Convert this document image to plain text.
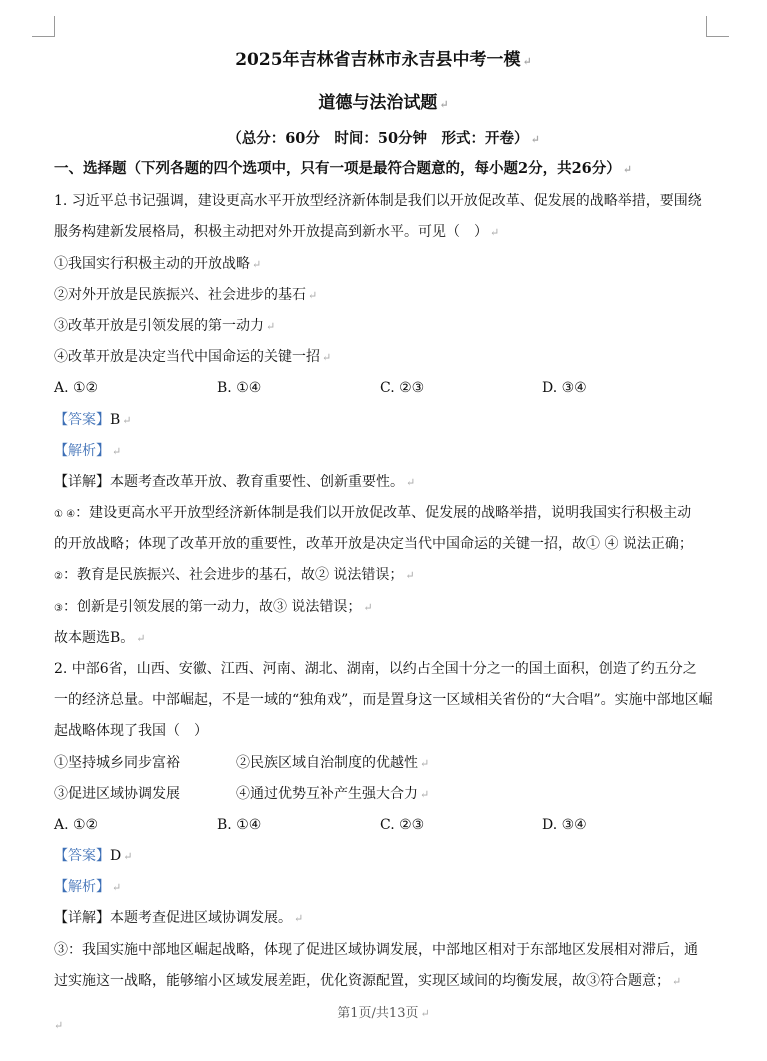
2025年吉林省吉林市永吉县中考一模 ↵
道德与法治试题 ↵
（总分：60分　时间：50分钟　形式：开卷） ↵
一、选择题（下列各题的四个选项中，只有一项是最符合题意的，每小题2分，共26分） ↵
1. 习近平总书记强调，建设更高水平开放型经济新体制是我们以开放促改革、促发展的战略举措，要围绕
服务构建新发展格局，积极主动把对外开放提高到新水平。可见（　） ↵
①我国实行积极主动的开放战略 ↵
②对外开放是民族振兴、社会进步的基石 ↵
③改革开放是引领发展的第一动力 ↵
④改革开放是决定当代中国命运的关键一招 ↵
A. ①②	B. ①④	C. ②③	D. ③④
【答案】B ↵
【解析】 ↵
【详解】本题考查改革开放、教育重要性、创新重要性。 ↵
① ④：建设更高水平开放型经济新体制是我们以开放促改革、促发展的战略举措，说明我国实行积极主动
的开放战略；体现了改革开放的重要性，改革开放是决定当代中国命运的关键一招，故① ④ 说法正确；
②：教育是民族振兴、社会进步的基石，故② 说法错误； ↵
③：创新是引领发展的第一动力，故③ 说法错误； ↵
故本题选B。 ↵
2. 中部6省，山西、安徽、江西、河南、湖北、湖南，以约占全国十分之一的国土面积，创造了约五分之
一的经济总量。中部崛起，不是一域的“独角戏”，而是置身这一区域相关省份的“大合唱”。实施中部地区崛
起战略体现了我国（　）
①坚持城乡同步富裕	②民族区域自治制度的优越性 ↵
③促进区域协调发展	④通过优势互补产生强大合力 ↵
A. ①②	B. ①④	C. ②③	D. ③④
【答案】D ↵
【解析】 ↵
【详解】本题考查促进区域协调发展。 ↵
③：我国实施中部地区崛起战略，体现了促进区域协调发展，中部地区相对于东部地区发展相对滞后，通
过实施这一战略，能够缩小区域发展差距，优化资源配置，实现区域间的均衡发展，故③符合题意； ↵
第1页/共13页 ↵
↵
